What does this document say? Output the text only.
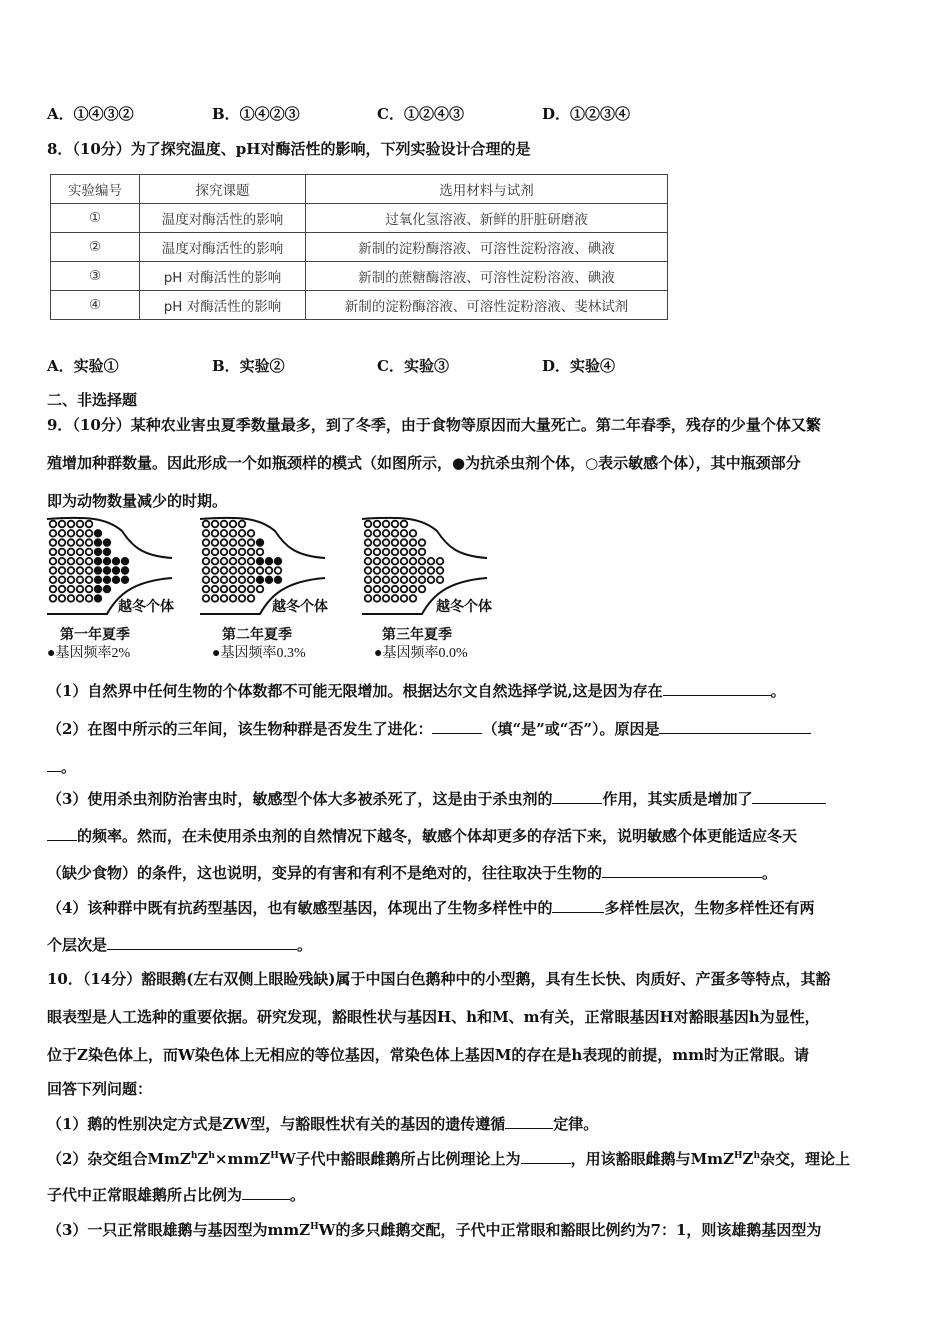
A．①④③②	B．①④②③	C．①②④③	D．①②③④
8．（10分）为了探究温度、pH对酶活性的影响，下列实验设计合理的是
实验编号	探究课题	选用材料与试剂
①	温度对酶活性的影响	过氧化氢溶液、新鲜的肝脏研磨液
②	温度对酶活性的影响	新制的淀粉酶溶液、可溶性淀粉溶液、碘液
③	pH 对酶活性的影响	新制的蔗糖酶溶液、可溶性淀粉溶液、碘液
④	pH 对酶活性的影响	新制的淀粉酶溶液、可溶性淀粉溶液、斐林试剂
A．实验①	B．实验②	C．实验③	D．实验④
二、非选择题
9．（10分）某种农业害虫夏季数量最多，到了冬季，由于食物等原因而大量死亡。第二年春季，残存的少量个体又繁
殖增加种群数量。因此形成一个如瓶颈样的模式（如图所示，●为抗杀虫剂个体，○表示敏感个体），其中瓶颈部分
即为动物数量减少的时期。
越冬个体	越冬个体	越冬个体
第一年夏季	第二年夏季	第三年夏季
●基因频率2%	●基因频率0.3%	●基因频率0.0%
（1）自然界中任何生物的个体数都不可能无限增加。根据达尔文自然选择学说,这是因为存在	。
（2）在图中所示的三年间，该生物种群是否发生了进化：	（填“是”或“否”）。原因是
。
（3）使用杀虫剂防治害虫时，敏感型个体大多被杀死了，这是由于杀虫剂的	作用，其实质是增加了
的频率。然而，在未使用杀虫剂的自然情况下越冬，敏感个体却更多的存活下来，说明敏感个体更能适应冬天
（缺少食物）的条件，这也说明，变异的有害和有利不是绝对的，往往取决于生物的	。
（4）该种群中既有抗药型基因，也有敏感型基因，体现出了生物多样性中的	多样性层次，生物多样性还有两
个层次是	。
10．（14分）豁眼鹅(左右双侧上眼睑残缺)属于中国白色鹅种中的小型鹅，具有生长快、肉质好、产蛋多等特点，其豁
眼表型是人工选种的重要依据。研究发现，豁眼性状与基因H、h和M、m有关，正常眼基因H对豁眼基因h为显性，
位于Z染色体上，而W染色体上无相应的等位基因，常染色体上基因M的存在是h表现的前提，mm时为正常眼。请
回答下列问题：
（1）鹅的性别决定方式是ZW型，与豁眼性状有关的基因的遗传遵循	定律。
（2）杂交组合$MmZ^hZ^h\times mmZ^HW$子代中豁眼雌鹅所占比例理论上为	，用该豁眼雌鹅与$MmZ^HZ^h$杂交，理论上
子代中正常眼雄鹅所占比例为	。
（3）一只正常眼雄鹅与基因型为mmZ$^H$W的多只雌鹅交配，子代中正常眼和豁眼比例约为7：1，则该雄鹅基因型为
